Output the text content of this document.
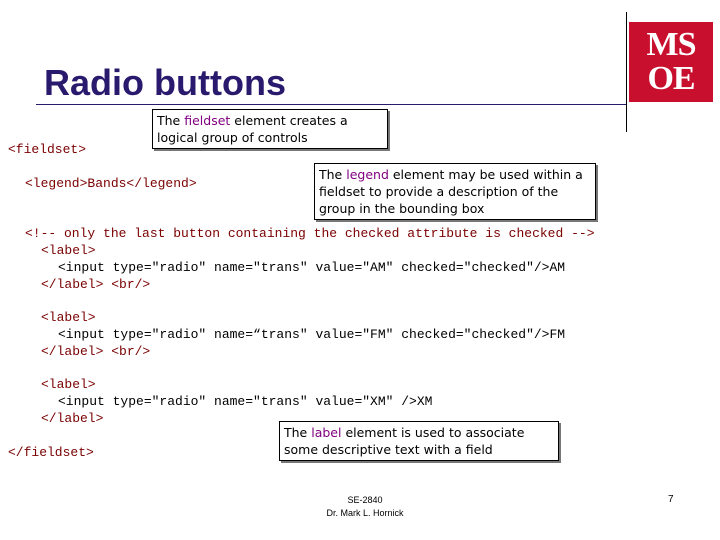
Radio buttons
MS
OE
<fieldset>
<legend>Bands</legend>
<!-- only the last button containing the checked attribute is checked -->
<label>
<input type="radio" name="trans" value="AM" checked="checked"/>AM
</label> <br/>
<label>
<input type="radio" name=“trans" value="FM" checked="checked"/>FM
</label> <br/>
<label>
<input type="radio" name="trans" value="XM" />XM
</label>
</fieldset>
The fieldset element creates a logical group of controls
The legend element may be used within a fieldset to provide a description of the group in the bounding box
The label element is used to associate some descriptive text with a field
SE-2840
Dr. Mark L. Hornick
7
